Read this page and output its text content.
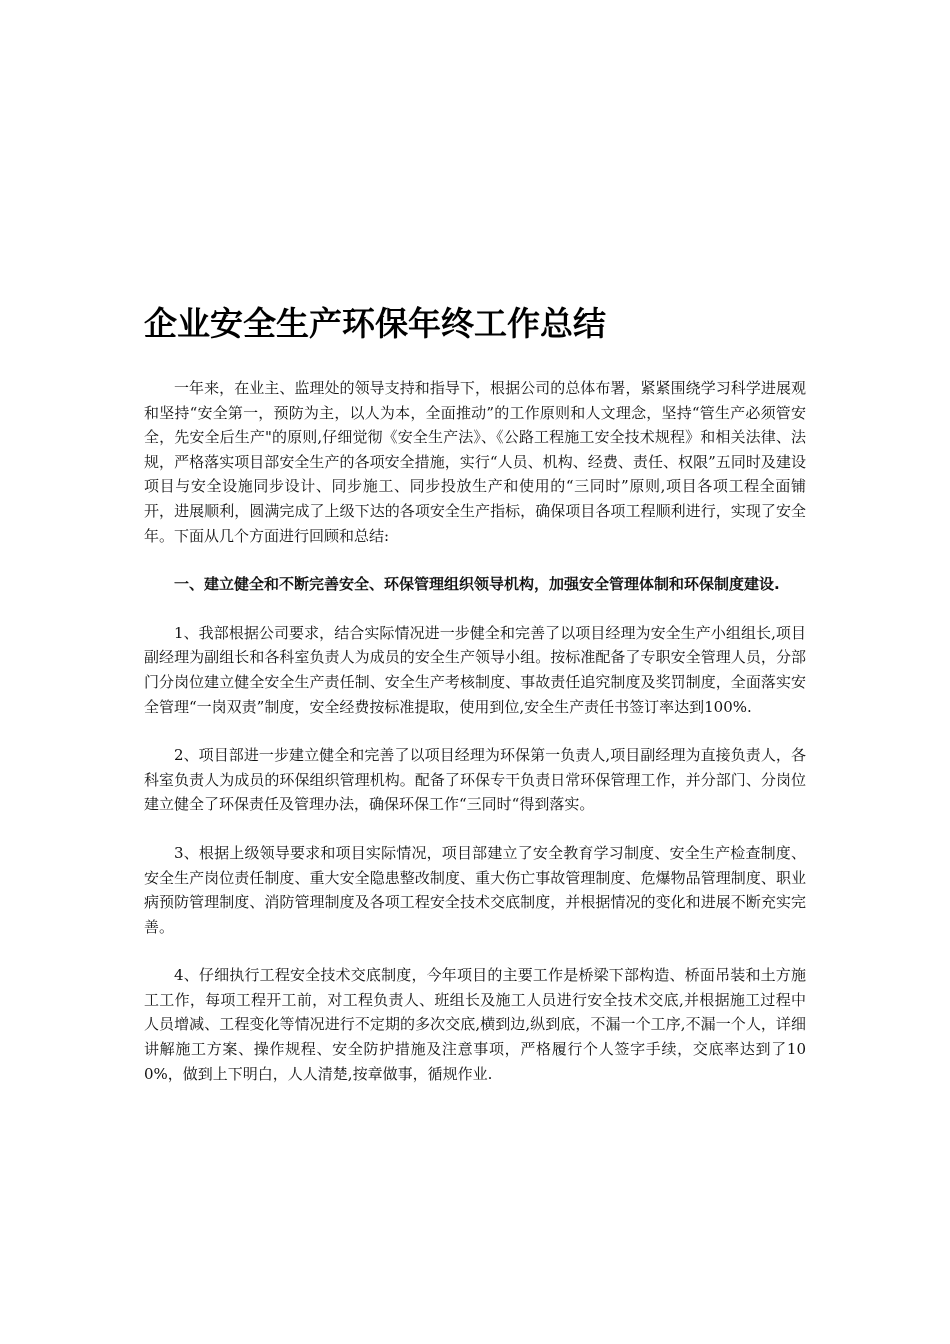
企业安全生产环保年终工作总结

一年来，在业主、监理处的领导支持和指导下，根据公司的总体布署，紧紧围绕学习科学进展观和坚持“安全第一，预防为主，以人为本，全面推动”的工作原则和人文理念，坚持“管生产必须管安全，先安全后生产"的原则,仔细觉彻《安全生产法》、《公路工程施工安全技术规程》和相关法律、法规，严格落实项目部安全生产的各项安全措施，实行“人员、机构、经费、责任、权限”五同时及建设项目与安全设施同步设计、同步施工、同步投放生产和使用的“三同时”原则,项目各项工程全面铺开，进展顺利，圆满完成了上级下达的各项安全生产指标，确保项目各项工程顺利进行，实现了安全年。下面从几个方面进行回顾和总结:

一、建立健全和不断完善安全、环保管理组织领导机构，加强安全管理体制和环保制度建设.

1、我部根据公司要求，结合实际情况进一步健全和完善了以项目经理为安全生产小组组长,项目副经理为副组长和各科室负责人为成员的安全生产领导小组。按标准配备了专职安全管理人员，分部门分岗位建立健全安全生产责任制、安全生产考核制度、事故责任追究制度及奖罚制度，全面落实安全管理“一岗双责”制度，安全经费按标准提取，使用到位,安全生产责任书签订率达到100%.

2、项目部进一步建立健全和完善了以项目经理为环保第一负责人,项目副经理为直接负责人，各科室负责人为成员的环保组织管理机构。配备了环保专干负责日常环保管理工作，并分部门、分岗位建立健全了环保责任及管理办法，确保环保工作“三同时“得到落实。

3、根据上级领导要求和项目实际情况，项目部建立了安全教育学习制度、安全生产检查制度、安全生产岗位责任制度、重大安全隐患整改制度、重大伤亡事故管理制度、危爆物品管理制度、职业病预防管理制度、消防管理制度及各项工程安全技术交底制度，并根据情况的变化和进展不断充实完善。

4、仔细执行工程安全技术交底制度，今年项目的主要工作是桥梁下部构造、桥面吊装和土方施工工作，每项工程开工前，对工程负责人、班组长及施工人员进行安全技术交底,并根据施工过程中人员增减、工程变化等情况进行不定期的多次交底,横到边,纵到底，不漏一个工序,不漏一个人，详细讲解施工方案、操作规程、安全防护措施及注意事项，严格履行个人签字手续，交底率达到了100%，做到上下明白，人人清楚,按章做事，循规作业.
